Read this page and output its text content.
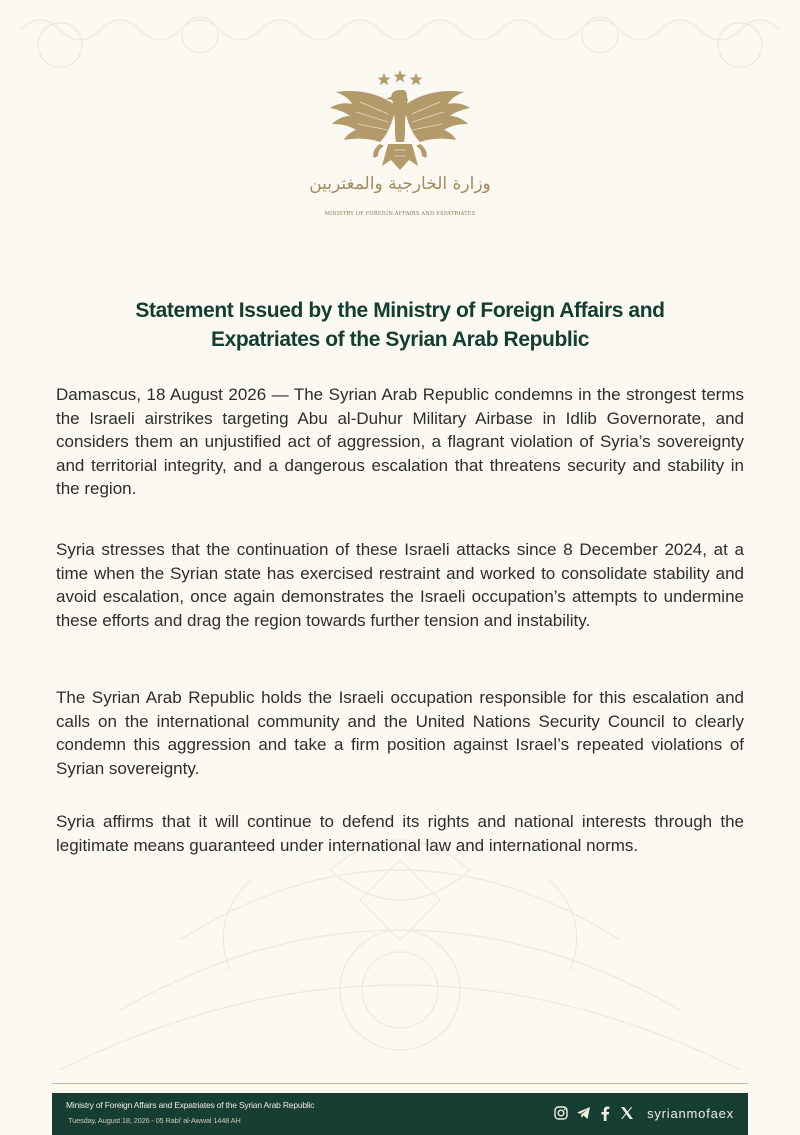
وزارة الخارجية والمغتربين
MINISTRY OF FOREIGN AFFAIRS AND EXPATRIATES
Statement Issued by the Ministry of Foreign Affairs and
Expatriates of the Syrian Arab Republic

Damascus, 18 August 2026 — The Syrian Arab Republic condemns in the strongest terms the Israeli airstrikes targeting Abu al-Duhur Military Airbase in Idlib Governorate, and considers them an unjustified act of aggression, a flagrant violation of Syria’s sovereignty and territorial integrity, and a dangerous escalation that threatens security and stability in the region.

Syria stresses that the continuation of these Israeli attacks since 8 December 2024, at a time when the Syrian state has exercised restraint and worked to consolidate stability and avoid escalation, once again demonstrates the Israeli occupation’s attempts to undermine these efforts and drag the region towards further tension and instability.

The Syrian Arab Republic holds the Israeli occupation responsible for this escalation and calls on the international community and the United Nations Security Council to clearly condemn this aggression and take a firm position against Israel’s repeated violations of Syrian sovereignty.

Syria affirms that it will continue to defend its rights and national interests through the legitimate means guaranteed under international law and international norms.

Ministry of Foreign Affairs and Expatriates of the Syrian Arab Republic
Tuesday, August 18, 2026 - 05 Rabi’ al-Awwal 1448 AH	syrianmofaex
